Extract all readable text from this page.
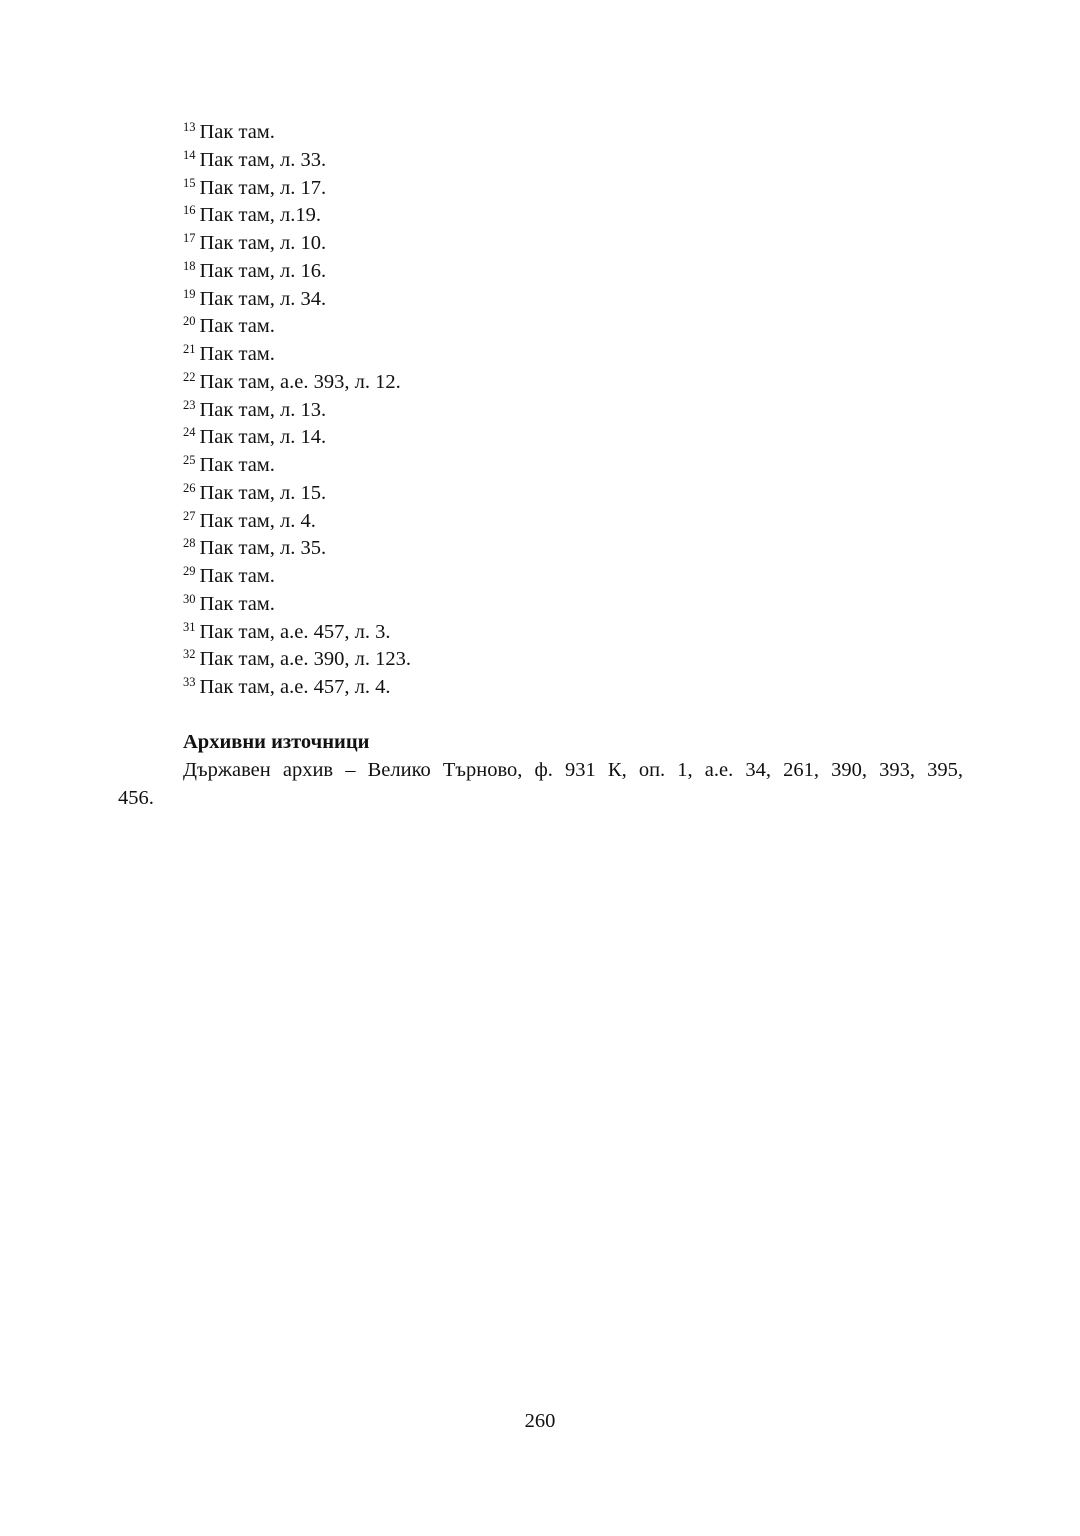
$^{13}$ Пак там.
$^{14}$ Пак там, л. 33.
$^{15}$ Пак там, л. 17.
$^{16}$ Пак там, л.19.
$^{17}$ Пак там, л. 10.
$^{18}$ Пак там, л. 16.
$^{19}$ Пак там, л. 34.
$^{20}$ Пак там.
$^{21}$ Пак там.
$^{22}$ Пак там, а.е. 393, л. 12.
$^{23}$ Пак там, л. 13.
$^{24}$ Пак там, л. 14.
$^{25}$ Пак там.
$^{26}$ Пак там, л. 15.
$^{27}$ Пак там, л. 4.
$^{28}$ Пак там, л. 35.
$^{29}$ Пак там.
$^{30}$ Пак там.
$^{31}$ Пак там, а.е. 457, л. 3.
$^{32}$ Пак там, а.е. 390, л. 123.
$^{33}$ Пак там, а.е. 457, л. 4.
Архивни източници

Държавен архив – Велико Търново, ф. 931 К, оп. 1, а.е. 34, 261, 390, 393, 395,
456.

260
